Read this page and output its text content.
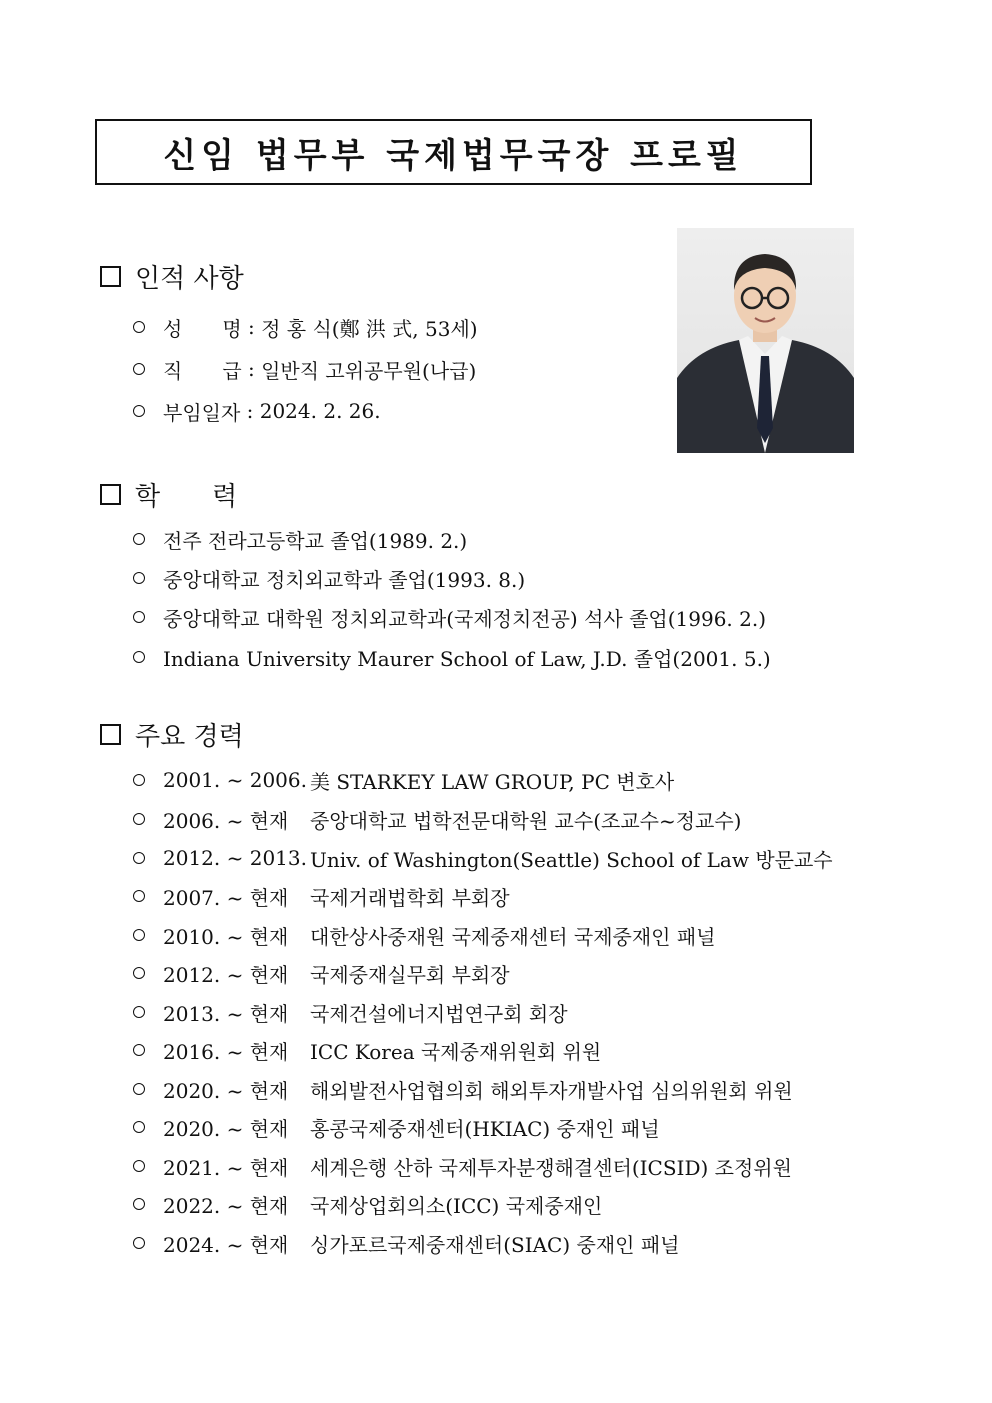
신임 법무부 국제법무국장 프로필
인적 사항
성　　명 : 정 홍 식(鄭 洪 式, 53세)
직　　급 : 일반직 고위공무원(나급)
부임일자 : 2024. 2. 26.
학　　력
전주 전라고등학교 졸업(1989. 2.)
중앙대학교 정치외교학과 졸업(1993. 8.)
중앙대학교 대학원 정치외교학과(국제정치전공) 석사 졸업(1996. 2.)
Indiana University Maurer School of Law, J.D. 졸업(2001. 5.)
주요 경력
2001. ~ 2006. 美 STARKEY LAW GROUP, PC 변호사
2006. ~ 현재	중앙대학교 법학전문대학원 교수(조교수~정교수)
2012. ~ 2013. Univ. of Washington(Seattle) School of Law 방문교수
2007. ~ 현재	국제거래법학회 부회장
2010. ~ 현재	대한상사중재원 국제중재센터 국제중재인 패널
2012. ~ 현재	국제중재실무회 부회장
2013. ~ 현재	국제건설에너지법연구회 회장
2016. ~ 현재	ICC Korea 국제중재위원회 위원
2020. ~ 현재	해외발전사업협의회 해외투자개발사업 심의위원회 위원
2020. ~ 현재	홍콩국제중재센터(HKIAC) 중재인 패널
2021. ~ 현재	세계은행 산하 국제투자분쟁해결센터(ICSID) 조정위원
2022. ~ 현재	국제상업회의소(ICC) 국제중재인
2024. ~ 현재	싱가포르국제중재센터(SIAC) 중재인 패널
